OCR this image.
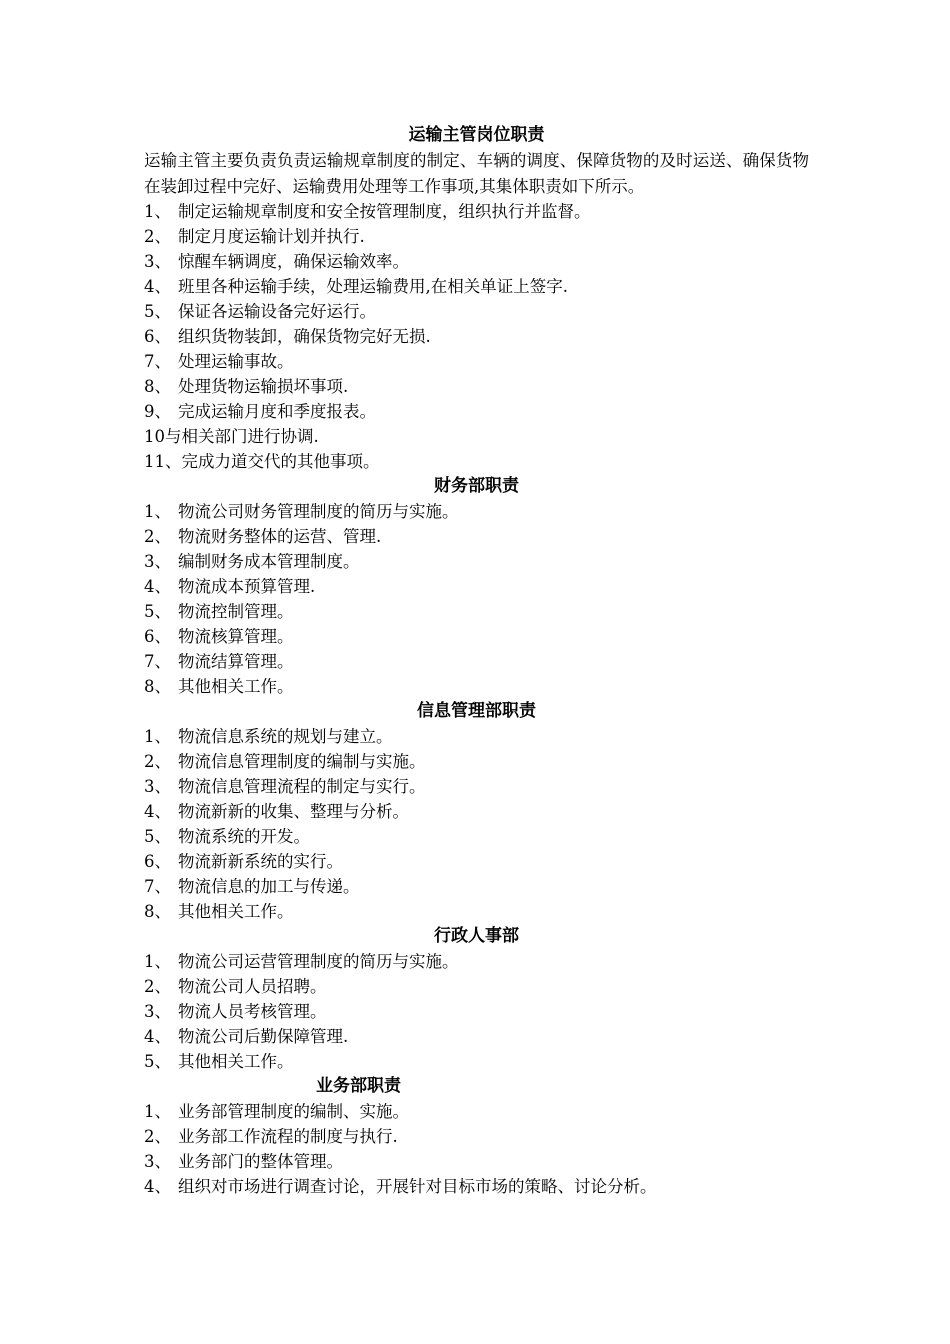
运输主管岗位职责

运输主管主要负责负责运输规章制度的制定、车辆的调度、保障货物的及时运送、确保货物在装卸过程中完好、运输费用处理等工作事项,其集体职责如下所示。

1、 制定运输规章制度和安全按管理制度，组织执行并监督。
2、 制定月度运输计划并执行.
3、 惊醒车辆调度，确保运输效率。
4、 班里各种运输手续，处理运输费用,在相关单证上签字.
5、 保证各运输设备完好运行。
6、 组织货物装卸，确保货物完好无损.
7、 处理运输事故。
8、 处理货物运输损坏事项.
9、 完成运输月度和季度报表。
10 与相关部门进行协调.
11、 完成力道交代的其他事项。
财务部职责
1、 物流公司财务管理制度的简历与实施。
2、 物流财务整体的运营、管理.
3、 编制财务成本管理制度。
4、 物流成本预算管理.
5、 物流控制管理。
6、 物流核算管理。
7、 物流结算管理。
8、 其他相关工作。
信息管理部职责
1、 物流信息系统的规划与建立。
2、 物流信息管理制度的编制与实施。
3、 物流信息管理流程的制定与实行。
4、 物流新新的收集、整理与分析。
5、 物流系统的开发。
6、 物流新新系统的实行。
7、 物流信息的加工与传递。
8、 其他相关工作。
行政人事部
1、 物流公司运营管理制度的简历与实施。
2、 物流公司人员招聘。
3、 物流人员考核管理。
4、 物流公司后勤保障管理.
5、 其他相关工作。
业务部职责
1、 业务部管理制度的编制、实施。
2、 业务部工作流程的制度与执行.
3、 业务部门的整体管理。
4、 组织对市场进行调查讨论，开展针对目标市场的策略、讨论分析。
